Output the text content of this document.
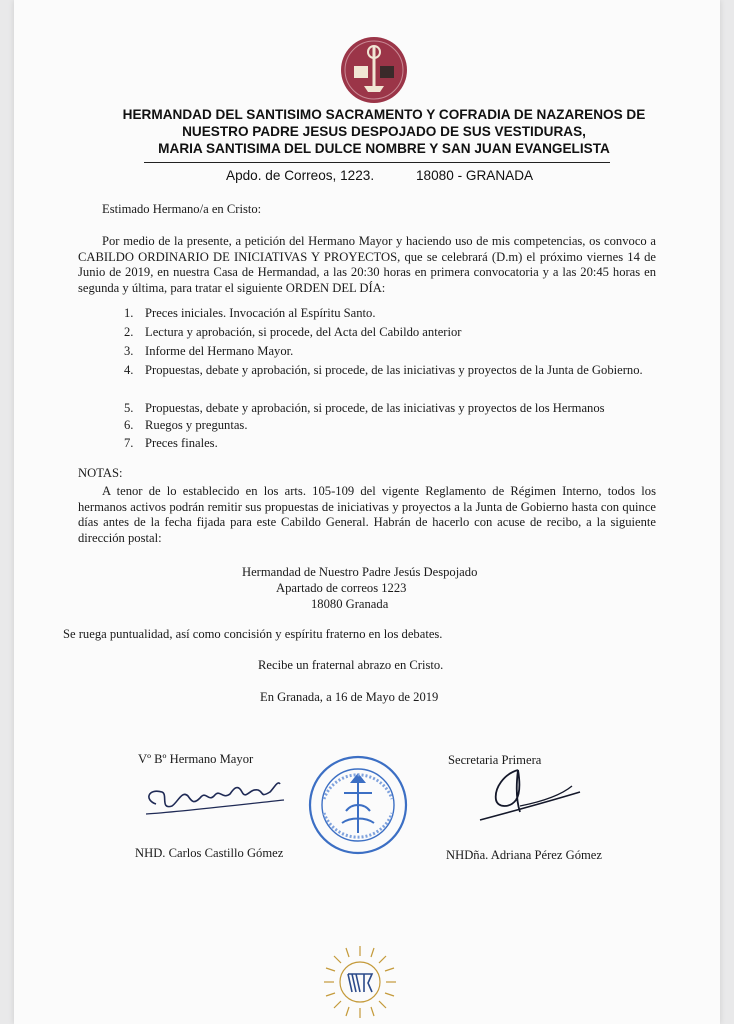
HERMANDAD DEL SANTISIMO SACRAMENTO Y COFRADIA DE NAZARENOS DE
NUESTRO PADRE JESUS DESPOJADO DE SUS VESTIDURAS,
MARIA SANTISIMA DEL DULCE NOMBRE Y SAN JUAN EVANGELISTA
Apdo. de Correos, 1223.	18080 - GRANADA
Estimado Hermano/a en Cristo:
Por medio de la presente, a petición del Hermano Mayor y haciendo uso de mis competencias, os convoco a CABILDO ORDINARIO DE INICIATIVAS Y PROYECTOS, que se celebrará (D.m) el próximo viernes 14 de Junio de 2019, en nuestra Casa de Hermandad, a las 20:30 horas en primera convocatoria y a las 20:45 horas en segunda y última, para tratar el siguiente ORDEN DEL DÍA:
1. Preces iniciales. Invocación al Espíritu Santo.
2. Lectura y aprobación, si procede, del Acta del Cabildo anterior
3. Informe del Hermano Mayor.
4. Propuestas, debate y aprobación, si procede, de las iniciativas y proyectos de la Junta de Gobierno.
5. Propuestas, debate y aprobación, si procede, de las iniciativas y proyectos de los Hermanos
6. Ruegos y preguntas.
7. Preces finales.
NOTAS:
A tenor de lo establecido en los arts. 105-109 del vigente Reglamento de Régimen Interno, todos los hermanos activos podrán remitir sus propuestas de iniciativas y proyectos a la Junta de Gobierno hasta con quince días antes de la fecha fijada para este Cabildo General. Habrán de hacerlo con acuse de recibo, a la siguiente dirección postal:
Hermandad de Nuestro Padre Jesús Despojado
Apartado de correos 1223
18080 Granada
Se ruega puntualidad, así como concisión y espíritu fraterno en los debates.
Recibe un fraternal abrazo en Cristo.
En Granada, a 16 de Mayo de 2019
Vº Bº Hermano Mayor	Secretaria Primera
NHD. Carlos Castillo Gómez	NHDña. Adriana Pérez Gómez
